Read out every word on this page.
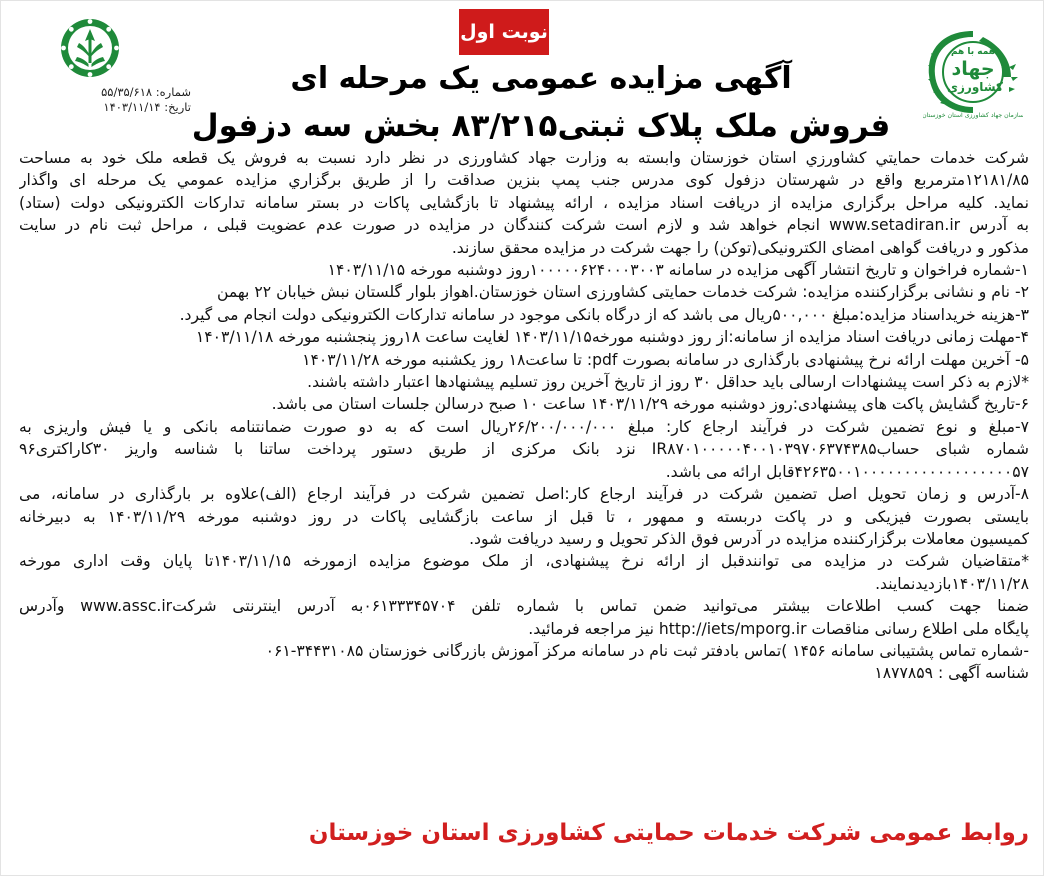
نوبت اول
همه با هم
جهاد
کشاورزی
سازمان جهاد کشاورزی استان خوزستان
شماره: ۵۵/۳۵/۶۱۸
تاریخ: ۱۴۰۳/۱۱/۱۴
آگهی مزایده عمومی یک مرحله ای
فروش ملک پلاک ثبتی۸۳/۲۱۵ بخش سه دزفول
شرکت خدمات حمايتي كشاورزي استان خوزستان وابسته به وزارت جهاد کشاورزی در نظر دارد نسبت به فروش یک قطعه ملک خود به مساحت
۱۲۱۸۱/۸۵مترمربع واقع در شهرستان دزفول کوی مدرس جنب پمپ بنزین صداقت را از طريق برگزاري مزايده عمومي یک مرحله ای واگذار
نماید. کلیه مراحل برگزاری مزایده از دریافت اسناد مزایده ، ارائه پیشنهاد تا بازگشایی پاکات در بستر سامانه تدارکات الکترونیکی دولت (ستاد)
به آدرس www.setadiran.ir انجام خواهد شد و لازم است شرکت کنندگان در مزایده در صورت عدم عضویت قبلی ، مراحل ثبت نام در سایت
مذکور و دریافت گواهی امضای الکترونیکی(توکن) را جهت شرکت در مزایده محقق سازند.
۱-شماره فراخوان و تاریخ انتشار آگهی مزایده در سامانه ۱۰۰۰۰۰۶۲۴۰۰۰۳۰۰۳روز دوشنبه مورخه ۱۴۰۳/۱۱/۱۵
۲- نام و نشانی برگزارکننده مزایده: شرکت خدمات حمایتی کشاورزی استان خوزستان.اهواز بلوار گلستان نبش خیابان ۲۲ بهمن
۳-هزینه خریداسناد مزایده:مبلغ ۵۰۰,۰۰۰ریال می باشد که از درگاه بانکی موجود در سامانه تدارکات الکترونیکی دولت انجام می گیرد.
۴-مهلت زمانی دریافت اسناد مزایده از سامانه:از روز دوشنبه مورخه۱۴۰۳/۱۱/۱۵ لغایت ساعت ۱۸روز پنجشنبه مورخه ۱۴۰۳/۱۱/۱۸
۵- آخرین مهلت ارائه نرخ پیشنهادی بارگذاری در سامانه بصورت pdf: تا ساعت۱۸ روز یکشنبه مورخه ۱۴۰۳/۱۱/۲۸
*لازم به ذکر است پیشنهادات ارسالی باید حداقل ۳۰ روز از تاریخ آخرین روز تسلیم پیشنهادها اعتبار داشته باشند.
۶-تاریخ گشایش پاکت های پیشنهادی:روز دوشنبه مورخه ۱۴۰۳/۱۱/۲۹ ساعت ۱۰ صبح درسالن جلسات استان می باشد.
۷-مبلغ و نوع تضمین شرکت در فرآیند ارجاع کار: مبلغ ۲۶/۲۰۰/۰۰۰/۰۰۰ریال است که به دو صورت ضمانتنامه بانکی و یا فیش واریزی به
شماره شبای حسابIR۸۷۰۱۰۰۰۰۰۴۰۰۱۰۳۹۷۰۶۳۷۴۳۸۵ نزد بانک مرکزی از طریق دستور پرداخت ساتنا با شناسه واریز ۳۰کاراکتری۹۶
۴۲۶۳۵۰۰۱۰۰۰۰۰۰۰۰۰۰۰۰۰۰۰۰۰۰۵۷قابل ارائه می باشد.
۸-آدرس و زمان تحویل اصل تضمین شرکت در فرآیند ارجاع کار:اصل تضمین شرکت در فرآیند ارجاع (الف)علاوه بر بارگذاری در سامانه، می
بایستی بصورت فیزیکی و در پاکت دربسته و ممهور ، تا قبل از ساعت بازگشایی پاکات در روز دوشنبه مورخه ۱۴۰۳/۱۱/۲۹ به دبیرخانه
کمیسیون معاملات برگزارکننده مزایده در آدرس فوق الذکر تحویل و رسید دریافت شود.
*متقاضیان شرکت در مزایده می توانندقبل از ارائه نرخ پیشنهادی، از ملک موضوع مزایده ازمورخه ۱۴۰۳/۱۱/۱۵تا پایان وقت اداری مورخه
۱۴۰۳/۱۱/۲۸بازدیدنمایند.
ضمنا جهت کسب اطلاعات بیشتر می‌توانید ضمن تماس با شماره تلفن ۰۶۱۳۳۳۴۵۷۰۴به آدرس اینترنتی شرکتwww.assc.ir وآدرس
پایگاه ملی اطلاع رسانی مناقصات http://iets/mporg.ir نیز مراجعه فرمائید.
-شماره تماس پشتیبانی سامانه ۱۴۵۶ )تماس بادفتر ثبت نام در سامانه مرکز آموزش بازرگانی خوزستان ۳۴۴۳۱۰۸۵-۰۶۱
شناسه آگهی : ۱۸۷۷۸۵۹
روابط عمومی شرکت خدمات حمایتی کشاورزی استان خوزستان
